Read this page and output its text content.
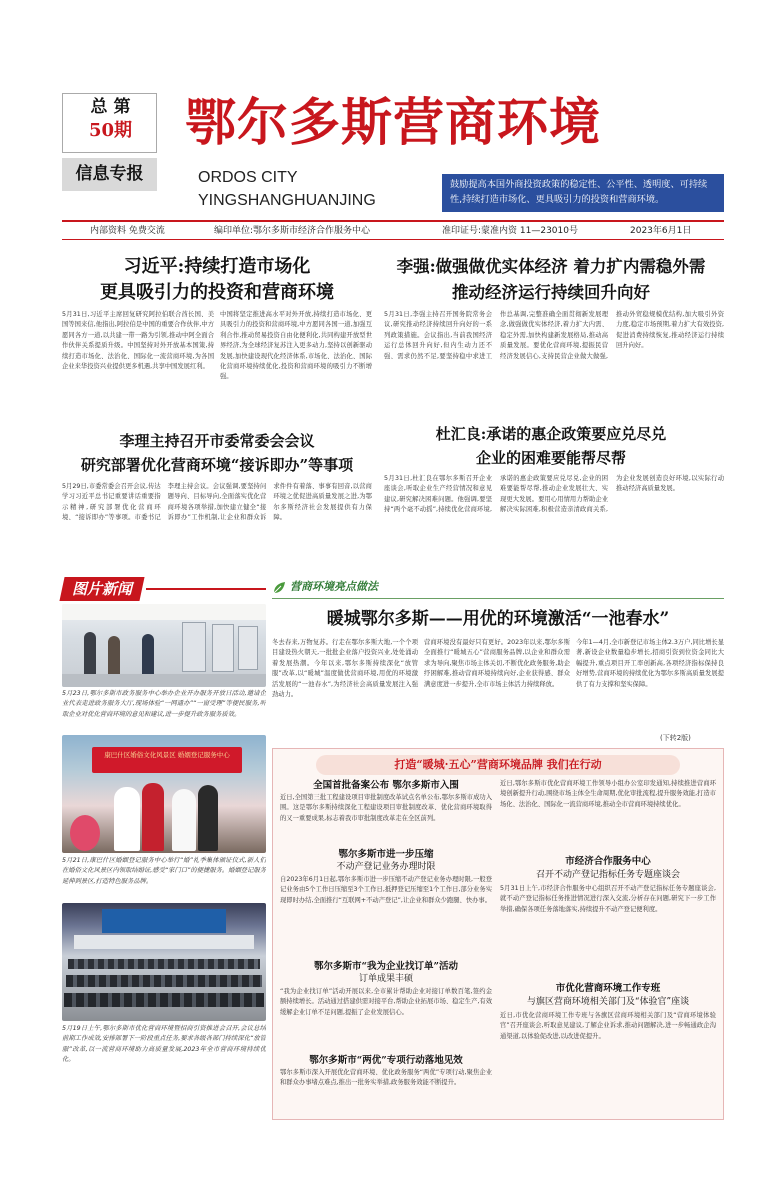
总 第
50期
信息专报
鄂尔多斯营商环境
ORDOS CITY
YINGSHANGHUANJING
鼓励提高本国外商投资政策的稳定性、公平性、透明度、可持续性,持续打造市场化、更具吸引力的投资和营商环境。
内部资料 免费交流	编印单位:鄂尔多斯市经济合作服务中心	准印证号:蒙准内资 11—23010号	2023年6月1日
习近平:持续打造市场化
更具吸引力的投资和营商环境
5月31日,习近平主席回复研究阿拉伯联合酋长国、美国等国来信,他指出,阿拉伯是中国的重要合作伙伴,中方愿同各方一道,以共建一带一路为引领,推动中阿全面合作伙伴关系提质升级。中国坚持对外开放基本国策,持续打造市场化、法治化、国际化一流营商环境,为各国企业来华投资兴业提供更多机遇,共享中国发展红利。
中国将坚定推进高水平对外开放,持续打造市场化、更具吸引力的投资和营商环境,中方愿同各国一道,加强互利合作,推动贸易投资自由化便利化,共同构建开放型世界经济,为全球经济复苏注入更多动力,坚持以创新驱动发展,加快建设现代化经济体系,市场化、法治化、国际化营商环境持续优化,投资和营商环境的吸引力不断增强。
李强:做强做优实体经济 着力扩内需稳外需
推动经济运行持续回升向好
5月31日,李强主持召开国务院常务会议,研究推动经济持续回升向好的一系列政策措施。会议指出,当前我国经济运行总体回升向好,但内生动力还不强、需求仍然不足,要坚持稳中求进工作总基调,完整准确全面贯彻新发展理念,做强做优实体经济,着力扩大内需、稳定外需,加快构建新发展格局,推动高质量发展。要优化营商环境,提振民营经济发展信心,支持民营企业做大做强,推动外贸稳规模优结构,加大吸引外资力度,稳定市场预期,着力扩大有效投资,促进消费持续恢复,推动经济运行持续回升向好。
李理主持召开市委常委会会议
研究部署优化营商环境“接诉即办”等事项
5月29日,市委常委会召开会议,传达学习习近平总书记重要讲话重要指示精神,研究部署优化营商环境、“接诉即办”等事项。市委书记李理主持会议。会议强调,要坚持问题导向、目标导向,全面落实优化营商环境各项举措,加快建立健全“接诉即办”工作机制,让企业和群众诉求件件有着落、事事有回音,以营商环境之优促进高质量发展之进,为鄂尔多斯经济社会发展提供有力保障。
杜汇良:承诺的惠企政策要应兑尽兑
企业的困难要能帮尽帮
5月31日,杜汇良在鄂尔多斯召开企业座谈会,听取企业生产经营情况和意见建议,研究解决困难问题。他强调,要坚持“两个毫不动摇”,持续优化营商环境,承诺的惠企政策要应兑尽兑,企业的困难要能帮尽帮,推动企业发展壮大、实现更大发展。要用心用情用力帮助企业解决实际困难,积极营造亲清政商关系,为企业发展创造良好环境,以实际行动推动经济高质量发展。
图片新闻
5月23日,鄂尔多斯市政务服务中心举办企业开办服务开放日活动,邀请企业代表走进政务服务大厅,现场体验“一网通办”“一窗受理”等便民服务,听取企业对优化营商环境的意见和建议,进一步提升政务服务质效。
康巴什区婚俗文化风景区 婚姻登记服务中心
5月21日,康巴什区婚姻登记服务中心举行“婚”礼季集体颁证仪式,新人们在婚俗文化风景区内领取结婚证,感受“家门口”的便捷服务。婚姻登记服务延伸到景区,打造特色服务品牌。
5月19日上午,鄂尔多斯市优化营商环境暨招商引资推进会召开,会议总结前期工作成效,安排部署下一阶段重点任务,要求各级各部门持续深化“放管服”改革,以一流营商环境助力高质量发展,2023年全市营商环境持续优化。
营商环境亮点做法
暖城鄂尔多斯——用优的环境激活“一池春水”
冬去春来,万物复苏。行走在鄂尔多斯大地,一个个项目建设热火朝天,一批批企业落户投资兴业,处处涌动着发展热潮。今年以来,鄂尔多斯持续深化“放管服”改革,以“暖城”温度做优营商环境,用优的环境激活发展的“一池春水”,为经济社会高质量发展注入强劲动力。
营商环境没有最好只有更好。2023年以来,鄂尔多斯全面推行“暖城五心”营商服务品牌,以企业和群众需求为导向,聚焦市场主体关切,不断优化政务服务,助企纾困解难,推动营商环境持续向好,企业获得感、群众满意度进一步提升,全市市场主体活力持续释放。
今年1—4月,全市新登记市场主体2.3万户,同比增长显著,新设企业数量稳步增长,招商引资到位资金同比大幅提升,重点项目开工率创新高,各项经济指标保持良好增势,营商环境的持续优化为鄂尔多斯高质量发展提供了有力支撑和坚实保障。
(下转2版)
打造“暖城·五心”营商环境品牌 我们在行动
全国首批备案公布 鄂尔多斯市入围
近日,全国第三批工程建设项目审批制度改革试点名单公布,鄂尔多斯市成功入围。这是鄂尔多斯持续深化工程建设项目审批制度改革、优化营商环境取得的又一重要成果,标志着我市审批制度改革走在全区前列。
鄂尔多斯市进一步压缩
不动产登记业务办理时限
自2023年6月1日起,鄂尔多斯市进一步压缩不动产登记业务办理时限,一般登记业务由5个工作日压缩至3个工作日,抵押登记压缩至1个工作日,部分业务实现即时办结,全面推行“互联网+不动产登记”,让企业和群众少跑腿、快办事。
鄂尔多斯市“我为企业找订单”活动
订单成果丰硕
“我为企业找订单”活动开展以来,全市累计帮助企业对接订单数百笔,签约金额持续增长。活动通过搭建供需对接平台,帮助企业拓展市场、稳定生产,有效缓解企业订单不足问题,提振了企业发展信心。
鄂尔多斯市“两优”专项行动落地见效
鄂尔多斯市深入开展优化营商环境、优化政务服务“两优”专项行动,聚焦企业和群众办事堵点难点,推出一批务实举措,政务服务效能不断提升。
近日,鄂尔多斯市优化营商环境工作领导小组办公室印发通知,持续推进营商环境创新提升行动,围绕市场主体全生命周期,优化审批流程,提升服务效能,打造市场化、法治化、国际化一流营商环境,推动全市营商环境持续优化。
市经济合作服务中心
召开不动产登记指标任务专题座谈会
5月31日上午,市经济合作服务中心组织召开不动产登记指标任务专题座谈会,就不动产登记指标任务推进情况进行深入交流,分析存在问题,研究下一步工作举措,确保各项任务落地落实,持续提升不动产登记便利度。
市优化营商环境工作专班
与旗区营商环境相关部门及“体验官”座谈
近日,市优化营商环境工作专班与各旗区营商环境相关部门及“营商环境体验官”召开座谈会,听取意见建议,了解企业诉求,推动问题解决,进一步畅通政企沟通渠道,以体验促改进,以改进促提升。
